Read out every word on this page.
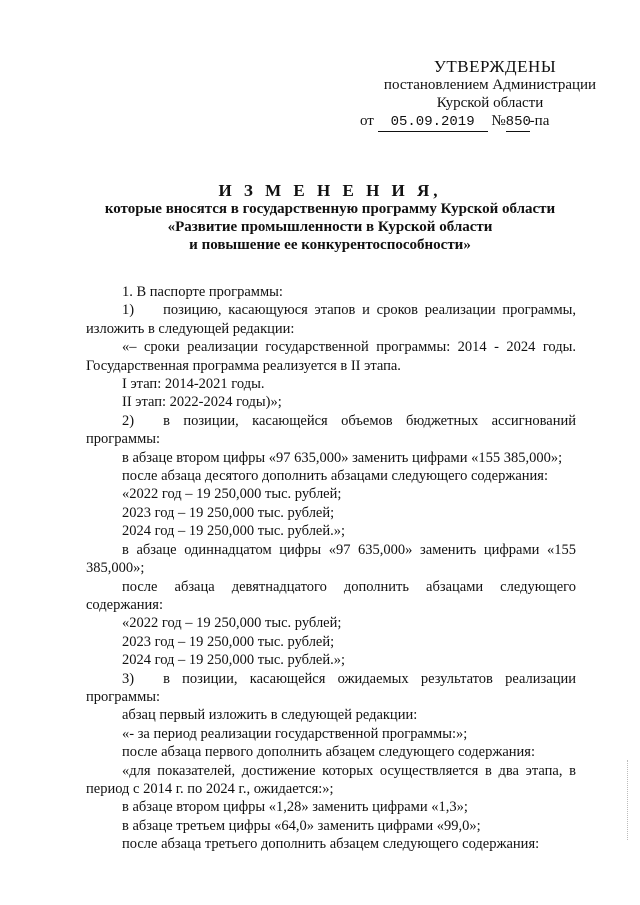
УТВЕРЖДЕНЫ
постановлением Администрации
Курской области
от 05.09.2019 №850-па
И З М Е Н Е Н И Я,
которые вносятся в государственную программу Курской области
«Развитие промышленности в Курской области
и повышение ее конкурентоспособности»
1. В паспорте программы:
1)  позицию, касающуюся этапов и сроков реализации программы, изложить в следующей редакции:
«– сроки реализации государственной программы: 2014 - 2024 годы. Государственная программа реализуется в II этапа.
I этап: 2014-2021 годы.
II этап: 2022-2024 годы)»;
2)  в позиции, касающейся объемов бюджетных ассигнований программы:
в абзаце втором цифры «97 635,000» заменить цифрами «155 385,000»;
после абзаца десятого дополнить абзацами следующего содержания:
«2022 год – 19 250,000 тыс. рублей;
2023 год – 19 250,000 тыс. рублей;
2024 год – 19 250,000 тыс. рублей.»;
в абзаце одиннадцатом цифры «97 635,000» заменить цифрами «155 385,000»;
после абзаца девятнадцатого дополнить абзацами следующего содержания:
«2022 год – 19 250,000 тыс. рублей;
2023 год – 19 250,000 тыс. рублей;
2024 год – 19 250,000 тыс. рублей.»;
3)  в позиции, касающейся ожидаемых результатов реализации программы:
абзац первый изложить в следующей редакции:
«- за период реализации государственной программы:»;
после абзаца первого дополнить абзацем следующего содержания:
«для показателей, достижение которых осуществляется в два этапа, в период с 2014 г. по 2024 г., ожидается:»;
в абзаце втором цифры «1,28» заменить цифрами «1,3»;
в абзаце третьем цифры «64,0» заменить цифрами «99,0»;
после абзаца третьего дополнить абзацем следующего содержания:
